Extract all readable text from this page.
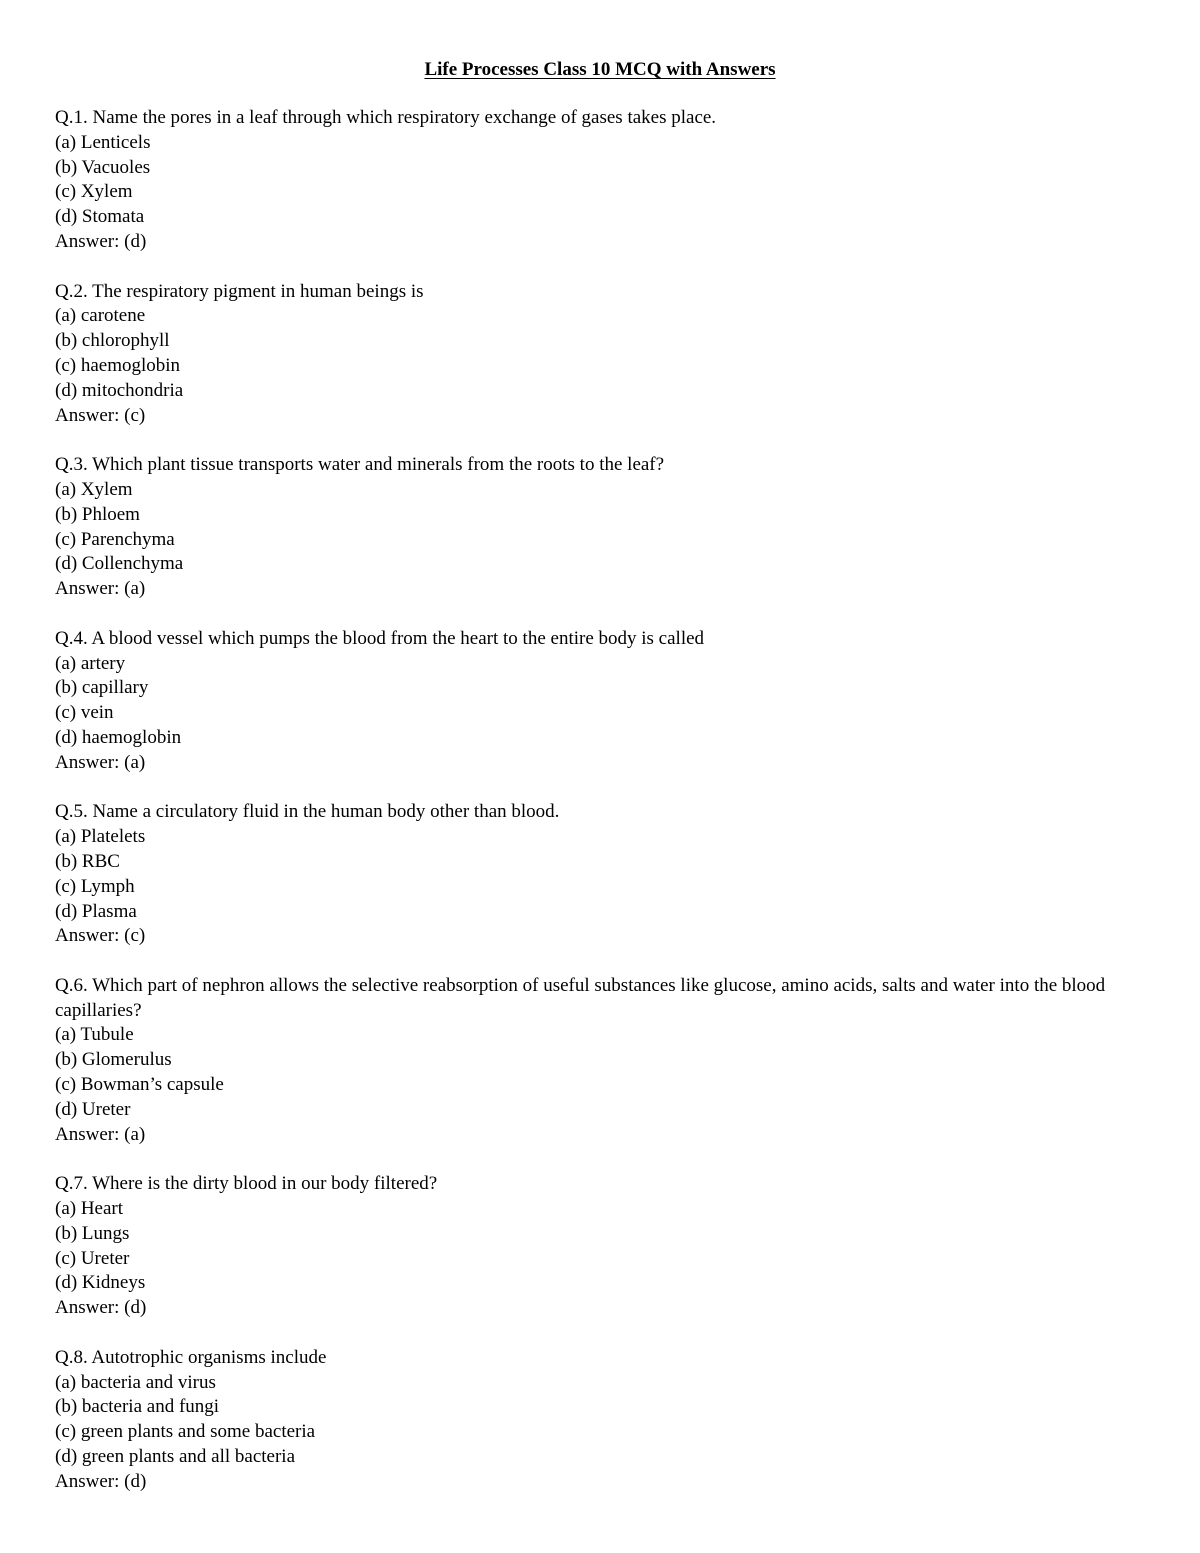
Life Processes Class 10 MCQ with Answers
Q.1. Name the pores in a leaf through which respiratory exchange of gases takes place.
(a) Lenticels
(b) Vacuoles
(c) Xylem
(d) Stomata
Answer: (d)
Q.2. The respiratory pigment in human beings is
(a) carotene
(b) chlorophyll
(c) haemoglobin
(d) mitochondria
Answer: (c)
Q.3. Which plant tissue transports water and minerals from the roots to the leaf?
(a) Xylem
(b) Phloem
(c) Parenchyma
(d) Collenchyma
Answer: (a)
Q.4. A blood vessel which pumps the blood from the heart to the entire body is called
(a) artery
(b) capillary
(c) vein
(d) haemoglobin
Answer: (a)
Q.5. Name a circulatory fluid in the human body other than blood.
(a) Platelets
(b) RBC
(c) Lymph
(d) Plasma
Answer: (c)
Q.6. Which part of nephron allows the selective reabsorption of useful substances like glucose, amino acids, salts and water into the blood capillaries?
(a) Tubule
(b) Glomerulus
(c) Bowman’s capsule
(d) Ureter
Answer: (a)
Q.7. Where is the dirty blood in our body filtered?
(a) Heart
(b) Lungs
(c) Ureter
(d) Kidneys
Answer: (d)
Q.8. Autotrophic organisms include
(a) bacteria and virus
(b) bacteria and fungi
(c) green plants and some bacteria
(d) green plants and all bacteria
Answer: (d)
